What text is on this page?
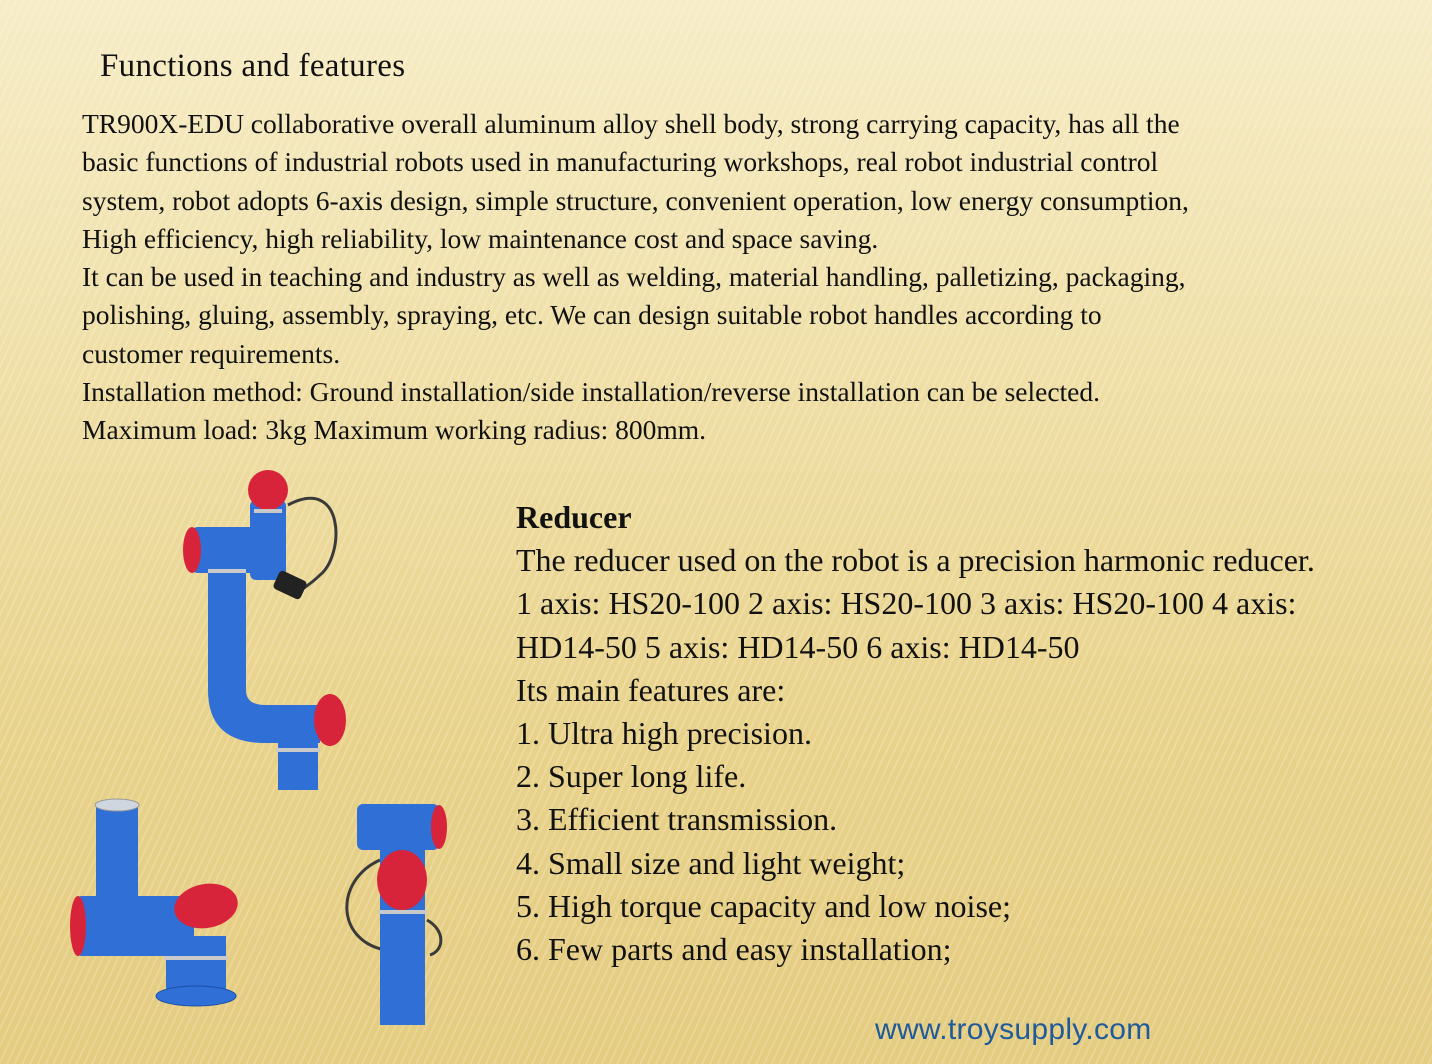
Functions and features

TR900X-EDU collaborative overall aluminum alloy shell body, strong carrying capacity, has all the

basic functions of industrial robots used in manufacturing workshops, real robot industrial control

system, robot adopts 6-axis design, simple structure, convenient operation, low energy consumption,

High efficiency, high reliability, low maintenance cost and space saving.

It can be used in teaching and industry as well as welding, material handling, palletizing, packaging,

polishing, gluing, assembly, spraying, etc. We can design suitable robot handles according to

customer requirements.

Installation method: Ground installation/side installation/reverse installation can be selected.

Maximum load: 3kg Maximum working radius: 800mm.

Reducer

The reducer used on the robot is a precision harmonic reducer.

1 axis: HS20-100 2 axis: HS20-100 3 axis: HS20-100 4 axis:

HD14-50 5 axis: HD14-50 6 axis: HD14-50

Its main features are:

1. Ultra high precision.

2. Super long life.

3. Efficient transmission.

4. Small size and light weight;

5. High torque capacity and low noise;

6. Few parts and easy installation;

www.troysupply.com
